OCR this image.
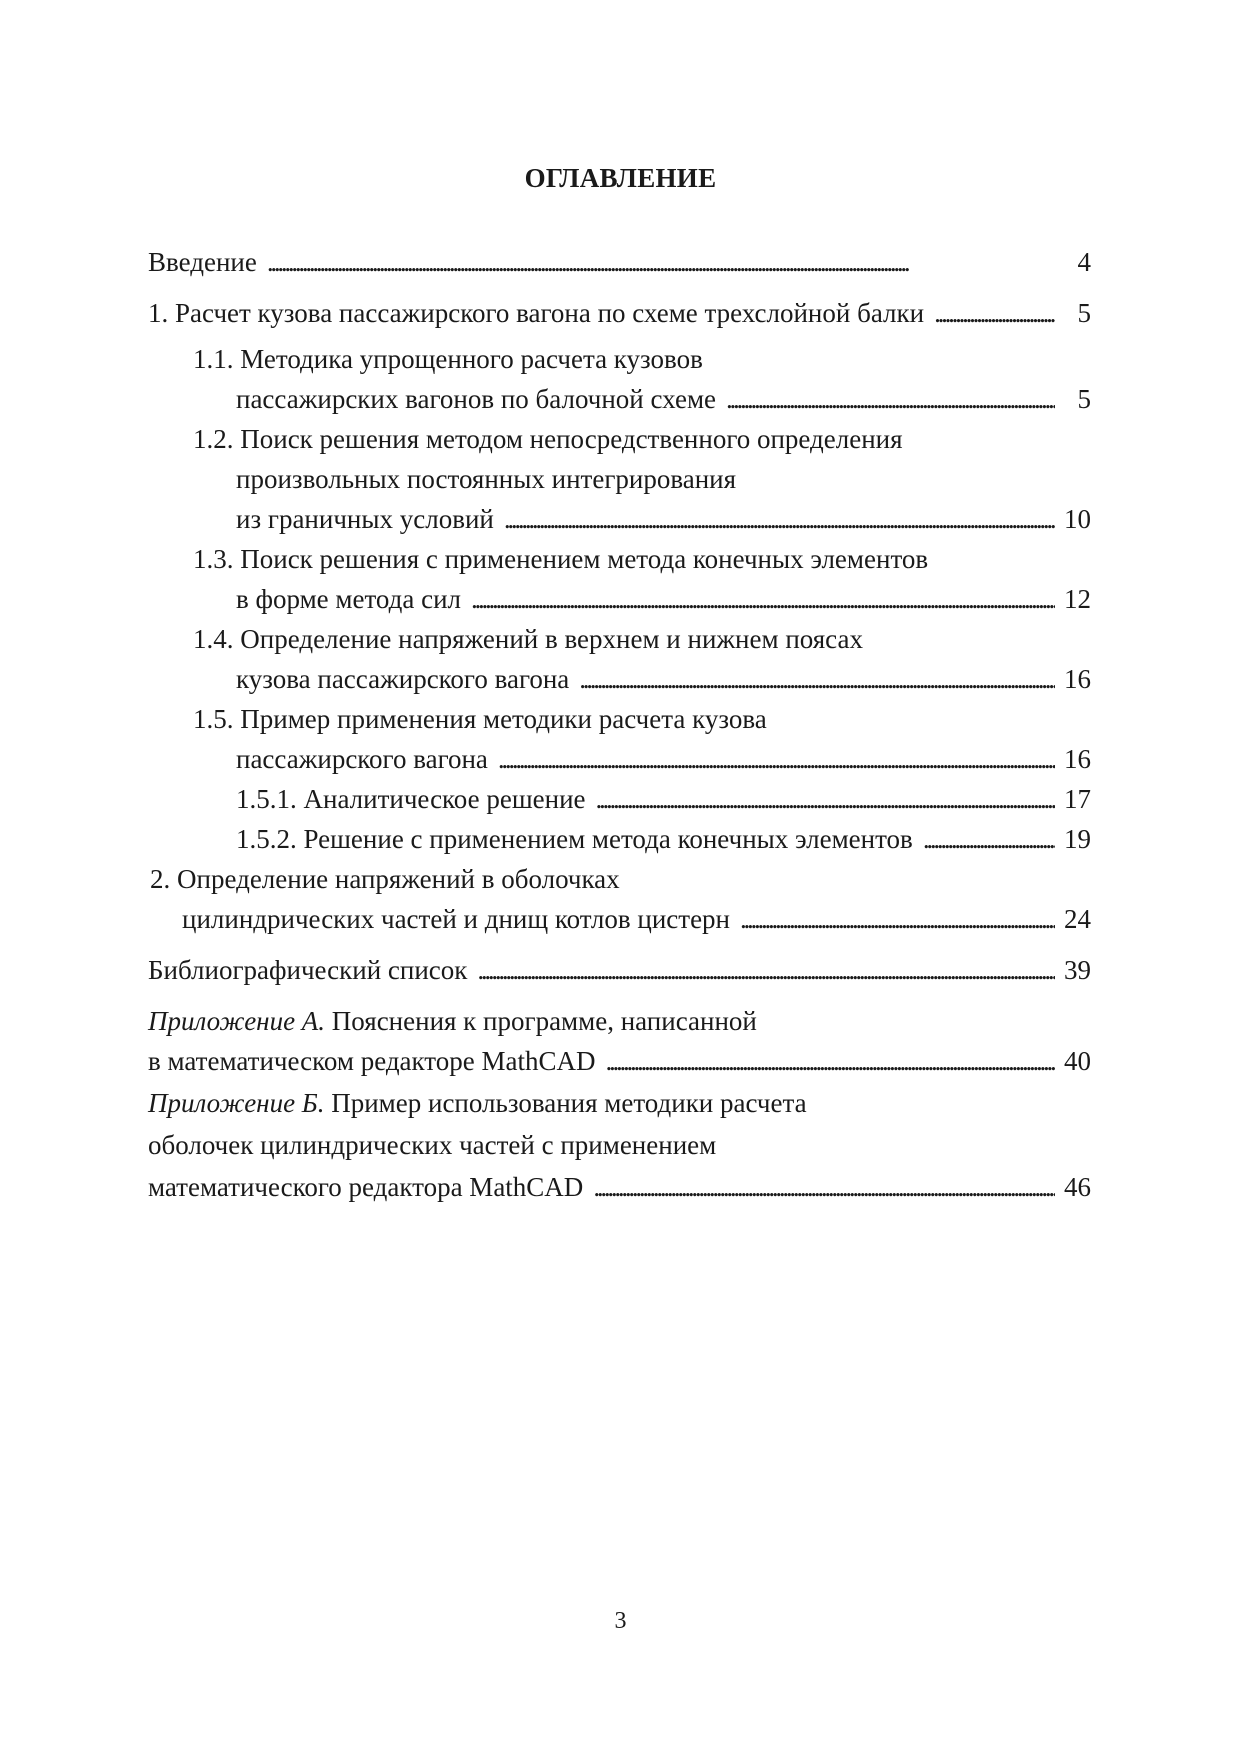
ОГЛАВЛЕНИЕ
Введение . . .	4
1. Расчет кузова пассажирского вагона по схеме трехслойной балки . . .	5
1.1. Методика упрощенного расчета кузовов
пассажирских вагонов по балочной схеме . . .	5
1.2. Поиск решения методом непосредственного определения
произвольных постоянных интегрирования
из граничных условий . . .	10
1.3. Поиск решения с применением метода конечных элементов
в форме метода сил . . .	12
1.4. Определение напряжений в верхнем и нижнем поясах
кузова пассажирского вагона . . .	16
1.5. Пример применения методики расчета кузова
пассажирского вагона . . .	16
1.5.1. Аналитическое решение . . .	17
1.5.2. Решение с применением метода конечных элементов . . .	19
2. Определение напряжений в оболочках
цилиндрических частей и днищ котлов цистерн . . .	24
Библиографический список . . .	39
Приложение А. Пояснения к программе, написанной
в математическом редакторе MathCAD . . .	40
Приложение Б. Пример использования методики расчета
оболочек цилиндрических частей с применением
математического редактора MathCAD . . .	46
3
